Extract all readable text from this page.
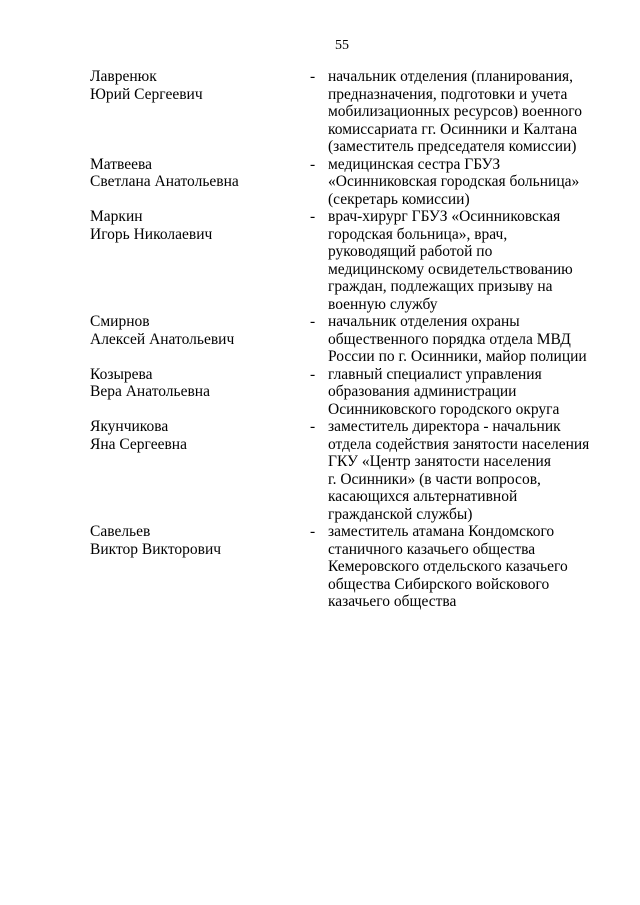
55
Лавренюк
Юрий Сергеевич
- начальник отделения (планирования,
предназначения, подготовки и учета
мобилизационных ресурсов) военного
комиссариата гг. Осинники и Калтана
(заместитель председателя комиссии)
Матвеева
Светлана Анатольевна
- медицинская сестра ГБУЗ
«Осинниковская городская больница»
(секретарь комиссии)
Маркин
Игорь Николаевич
- врач-хирург ГБУЗ «Осинниковская
городская больница», врач,
руководящий работой по
медицинскому освидетельствованию
граждан, подлежащих призыву на
военную службу
Смирнов
Алексей Анатольевич
- начальник отделения охраны
общественного порядка отдела МВД
России по г. Осинники, майор полиции
Козырева
Вера Анатольевна
- главный специалист управления
образования администрации
Осинниковского городского округа
Якунчикова
Яна Сергеевна
- заместитель директора - начальник
отдела содействия занятости населения
ГКУ «Центр занятости населения
г. Осинники» (в части вопросов,
касающихся альтернативной
гражданской службы)
Савельев
Виктор Викторович
- заместитель атамана Кондомского
станичного казачьего общества
Кемеровского отдельского казачьего
общества Сибирского войскового
казачьего общества
